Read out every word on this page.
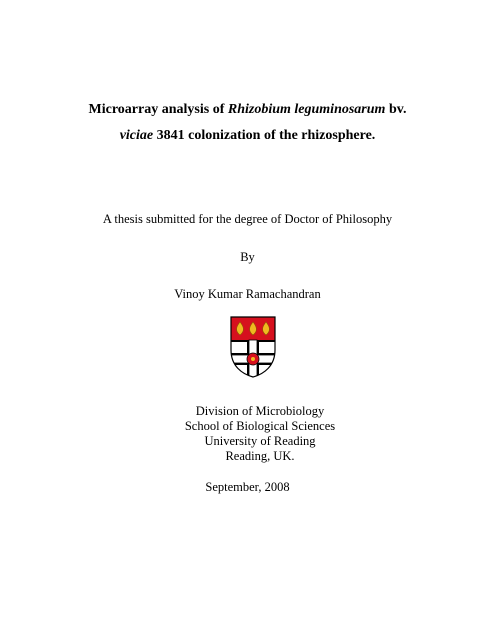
Microarray analysis of Rhizobium leguminosarum bv.
viciae 3841 colonization of the rhizosphere.
A thesis submitted for the degree of Doctor of Philosophy
By
Vinoy Kumar Ramachandran
Division of Microbiology
School of Biological Sciences
University of Reading
Reading, UK.
September, 2008
